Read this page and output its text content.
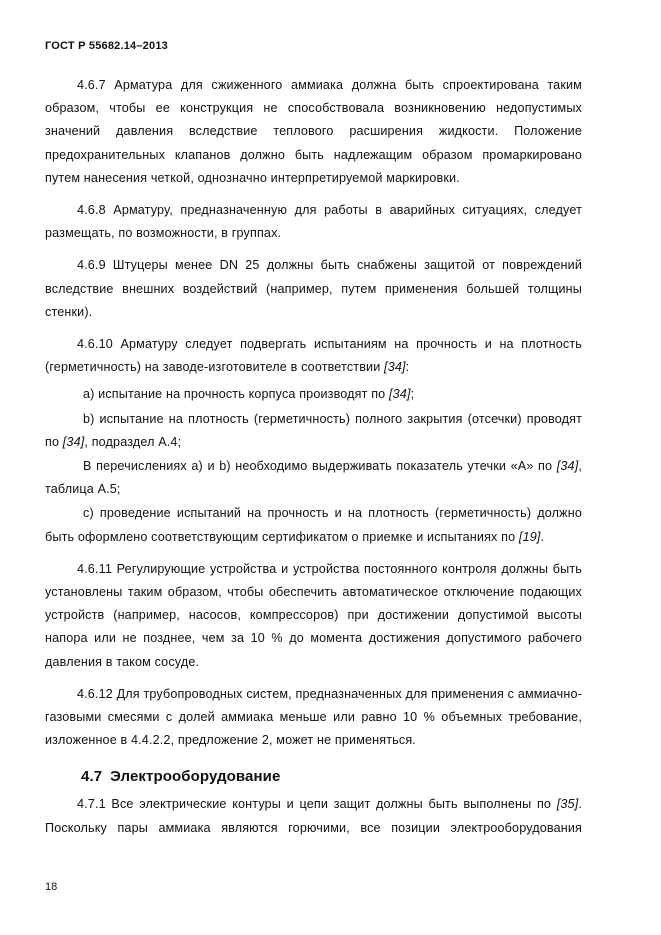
ГОСТ Р 55682.14–2013

4.6.7 Арматура для сжиженного аммиака должна быть спроектирована таким образом, чтобы ее конструкция не способствовала возникновению недопустимых значений давления вследствие теплового расширения жидкости. Положение предохранительных клапанов должно быть надлежащим образом промаркировано путем нанесения четкой, однозначно интерпретируемой маркировки.

4.6.8 Арматуру, предназначенную для работы в аварийных ситуациях, следует размещать, по возможности, в группах.

4.6.9 Штуцеры менее DN 25 должны быть снабжены защитой от повреждений вследствие внешних воздействий (например, путем применения большей толщины стенки).

4.6.10 Арматуру следует подвергать испытаниям на прочность и на плотность (герметичность) на заводе-изготовителе в соответствии [34]:

а) испытание на прочность корпуса производят по [34];

b) испытание на плотность (герметичность) полного закрытия (отсечки) проводят по [34], подраздел А.4;

В перечислениях а) и b) необходимо выдерживать показатель утечки «А» по [34], таблица А.5;

с) проведение испытаний на прочность и на плотность (герметичность) должно быть оформлено соответствующим сертификатом о приемке и испытаниях по [19].

4.6.11 Регулирующие устройства и устройства постоянного контроля должны быть установлены таким образом, чтобы обеспечить автоматическое отключение подающих устройств (например, насосов, компрессоров) при достижении допустимой высоты напора или не позднее, чем за 10 % до момента достижения допустимого рабочего давления в таком сосуде.

4.6.12 Для трубопроводных систем, предназначенных для применения с аммиачно-газовыми смесями с долей аммиака меньше или равно 10 % объемных требование, изложенное в 4.4.2.2, предложение 2, может не применяться.

4.7 Электрооборудование

4.7.1 Все электрические контуры и цепи защит должны быть выполнены по [35]. Поскольку пары аммиака являются горючими, все позиции электрооборудования

18
